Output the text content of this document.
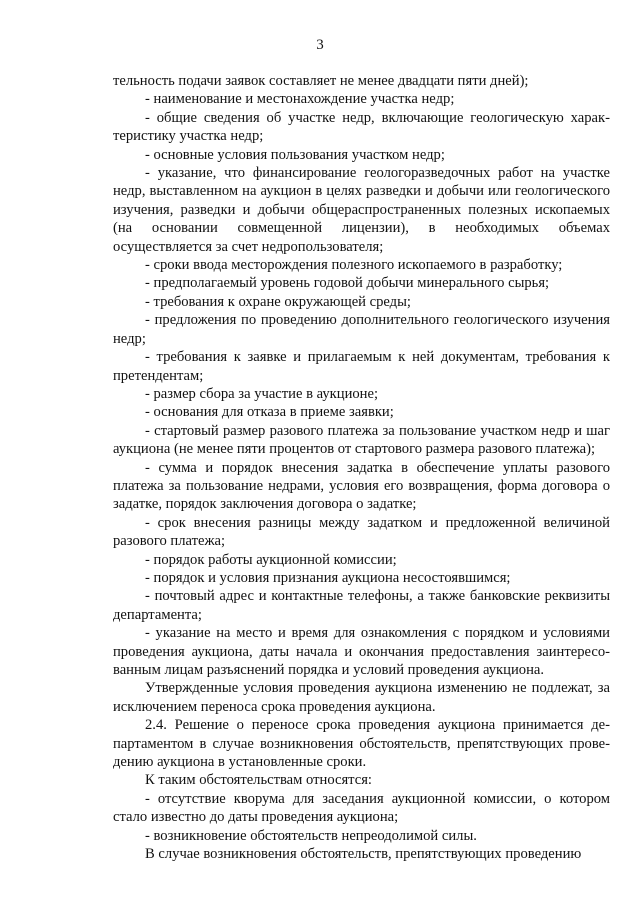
3

тельность подачи заявок составляет не менее двадцати пяти дней);

- наименование и местонахождение участка недр;

- общие сведения об участке недр, включающие геологическую характеристику участка недр;

- основные условия пользования участком недр;

- указание, что финансирование геологоразведочных работ на участке недр, выставленном на аукцион в целях разведки и добычи или геологического изучения, разведки и добычи общераспространенных полезных ископаемых (на основании совмещенной лицензии), в необходимых объемах осуществляется за счет недропользователя;

- сроки ввода месторождения полезного ископаемого в разработку;

- предполагаемый уровень годовой добычи минерального сырья;

- требования к охране окружающей среды;

- предложения по проведению дополнительного геологического изучения недр;

- требования к заявке и прилагаемым к ней документам, требования к претендентам;

- размер сбора за участие в аукционе;

- основания для отказа в приеме заявки;

- стартовый размер разового платежа за пользование участком недр и шаг аукциона (не менее пяти процентов от стартового размера разового платежа);

- сумма и порядок внесения задатка в обеспечение уплаты разового платежа за пользование недрами, условия его возвращения, форма договора о задатке, порядок заключения договора о задатке;

- срок внесения разницы между задатком и предложенной величиной разового платежа;

- порядок работы аукционной комиссии;

- порядок и условия признания аукциона несостоявшимся;

- почтовый адрес и контактные телефоны, а также банковские реквизиты департамента;

- указание на место и время для ознакомления с порядком и условиями проведения аукциона, даты начала и окончания предоставления заинтересованным лицам разъяснений порядка и условий проведения аукциона.

Утвержденные условия проведения аукциона изменению не подлежат, за исключением переноса срока проведения аукциона.

2.4. Решение о переносе срока проведения аукциона принимается департаментом в случае возникновения обстоятельств, препятствующих проведению аукциона в установленные сроки.

К таким обстоятельствам относятся:

- отсутствие кворума для заседания аукционной комиссии, о котором стало известно до даты проведения аукциона;

- возникновение обстоятельств непреодолимой силы.

В случае возникновения обстоятельств, препятствующих проведению
